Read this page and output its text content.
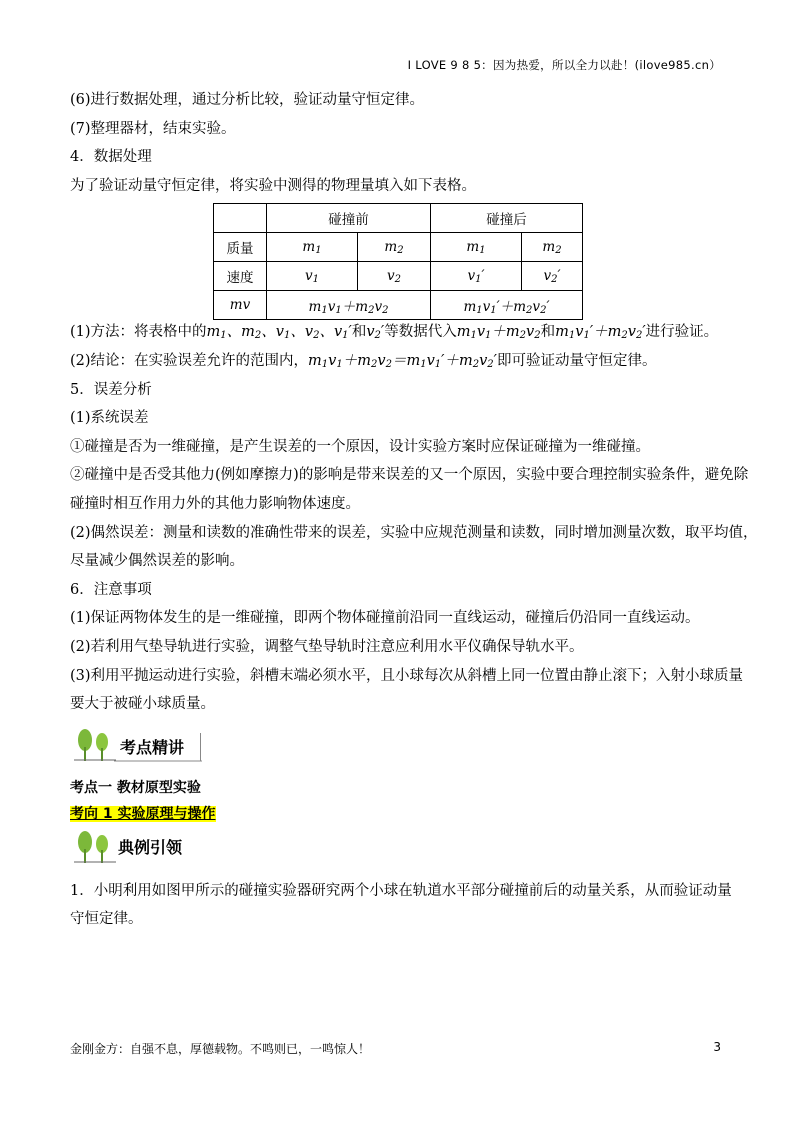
I LOVE 9 8 5：因为热爱，所以全力以赴！(ilove985.cn）
(6)进行数据处理，通过分析比较，验证动量守恒定律。
(7)整理器材，结束实验。
4．数据处理
为了验证动量守恒定律，将实验中测得的物理量填入如下表格。
	碰撞前		碰撞后	
质量	$m_1$	$m_2$	$m_1$	$m_2$
速度	$v_1$	$v_2$	$v_1'$	$v_2'$
mv	$m_1v_1+m_2v_2$		$m_1v_1'+m_2v_2'$	
(1)方法：将表格中的$m_1$、$m_2$、$v_1$、$v_2$、$v_1'$和$v_2'$等数据代入$m_1v_1+m_2v_2$和$m_1v_1'+m_2v_2'$进行验证。
(2)结论：在实验误差允许的范围内，$m_1v_1+m_2v_2=m_1v_1'+m_2v_2'$即可验证动量守恒定律。
5．误差分析
(1)系统误差
①碰撞是否为一维碰撞，是产生误差的一个原因，设计实验方案时应保证碰撞为一维碰撞。
②碰撞中是否受其他力(例如摩擦力)的影响是带来误差的又一个原因，实验中要合理控制实验条件，避免除
碰撞时相互作用力外的其他力影响物体速度。
(2)偶然误差：测量和读数的准确性带来的误差，实验中应规范测量和读数，同时增加测量次数，取平均值，
尽量减少偶然误差的影响。
6．注意事项
(1)保证两物体发生的是一维碰撞，即两个物体碰撞前沿同一直线运动，碰撞后仍沿同一直线运动。
(2)若利用气垫导轨进行实验，调整气垫导轨时注意应利用水平仪确保导轨水平。
(3)利用平抛运动进行实验，斜槽末端必须水平，且小球每次从斜槽上同一位置由静止滚下；入射小球质量
要大于被碰小球质量。
考点精讲
考点一 教材原型实验
考向 1 实验原理与操作
典例引领
1．小明利用如图甲所示的碰撞实验器研究两个小球在轨道水平部分碰撞前后的动量关系，从而验证动量
守恒定律。
金刚金方：自强不息，厚德载物。不鸣则已，一鸣惊人！	3
